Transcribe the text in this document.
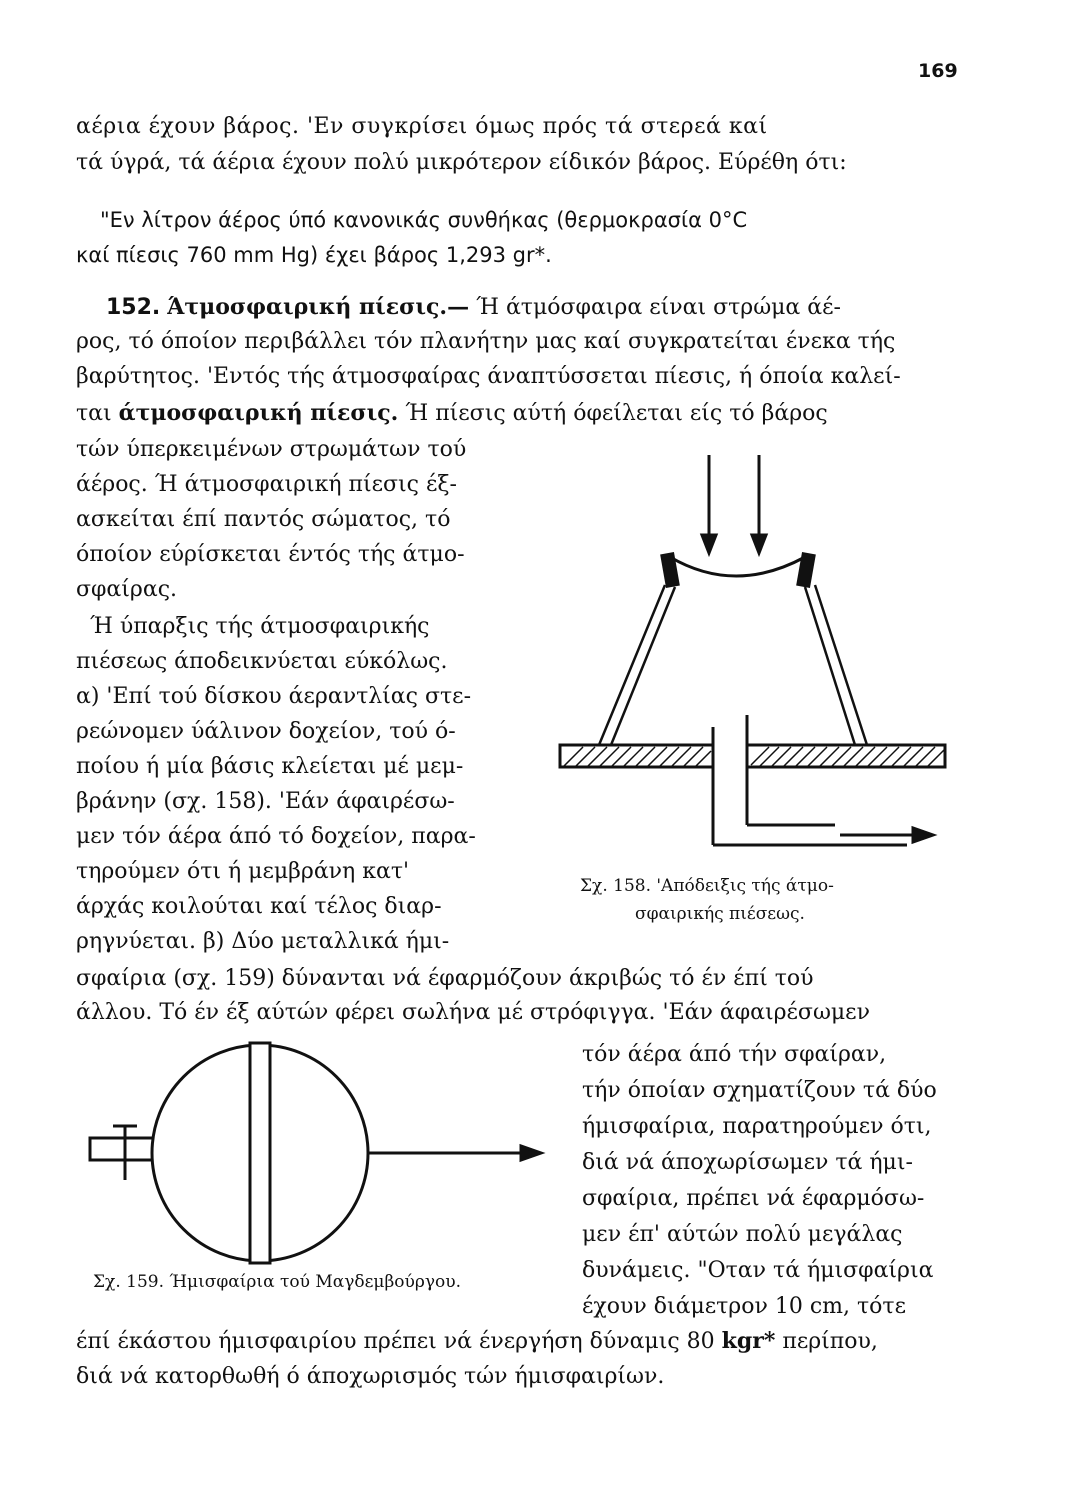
169
αέρια έχουν βάρος. 'Εν συγκρίσει όμως πρός τά στερεά καί
τά ύγρά, τά άέρια έχουν πολύ μικρότερον είδικόν βάρος. Εύρέθη ότι:
"Εν λίτρον άέρος ύπό κανονικάς συνθήκας (θερμοκρασία 0°C
καί πίεσις 760 mm Hg) έχει βάρος 1,293 gr*.
152. Άτμοσφαιρική πίεσις.— Ή άτμόσφαιρα είναι στρώμα άέ-
ρος, τό όποίον περιβάλλει τόν πλανήτην μας καί συγκρατείται ένεκα τής
βαρύτητος. 'Εντός τής άτμοσφαίρας άναπτύσσεται πίεσις, ή όποία καλεί-
ται άτμοσφαιρική πίεσις. Ή πίεσις αύτή όφείλεται είς τό βάρος
τών ύπερκειμένων στρωμάτων τού
άέρος. Ή άτμοσφαιρική πίεσις έξ-
ασκείται έπί παντός σώματος, τό
όποίον εύρίσκεται έντός τής άτμο-
σφαίρας.
Ή ύπαρξις τής άτμοσφαιρικής
πιέσεως άποδεικνύεται εύκόλως.
α) 'Επί τού δίσκου άεραντλίας στε-
ρεώνομεν ύάλινον δοχείον, τού ό-
ποίου ή μία βάσις κλείεται μέ μεμ-
βράνην (σχ. 158). 'Εάν άφαιρέσω-
μεν τόν άέρα άπό τό δοχείον, παρα-
τηρούμεν ότι ή μεμβράνη κατ'
άρχάς κοιλούται καί τέλος διαρ-
ρηγνύεται. β) Δύο μεταλλικά ήμι-
Σχ. 158. 'Απόδειξις τής άτμο-
σφαιρικής πιέσεως.
σφαίρια (σχ. 159) δύνανται νά έφαρμόζουν άκριβώς τό έν έπί τού
άλλου. Τό έν έξ αύτών φέρει σωλήνα μέ στρόφιγγα. 'Εάν άφαιρέσωμεν
τόν άέρα άπό τήν σφαίραν,
τήν όποίαν σχηματίζουν τά δύο
ήμισφαίρια, παρατηρούμεν ότι,
διά νά άποχωρίσωμεν τά ήμι-
σφαίρια, πρέπει νά έφαρμόσω-
μεν έπ' αύτών πολύ μεγάλας
δυνάμεις. "Οταν τά ήμισφαίρια
έχουν διάμετρον 10 cm, τότε
Σχ. 159. Ήμισφαίρια τού Μαγδεμβούργου.
έπί έκάστου ήμισφαιρίου πρέπει νά ένεργήση δύναμις 80 kgr* περίπου,
διά νά κατορθωθή ό άποχωρισμός τών ήμισφαιρίων.
